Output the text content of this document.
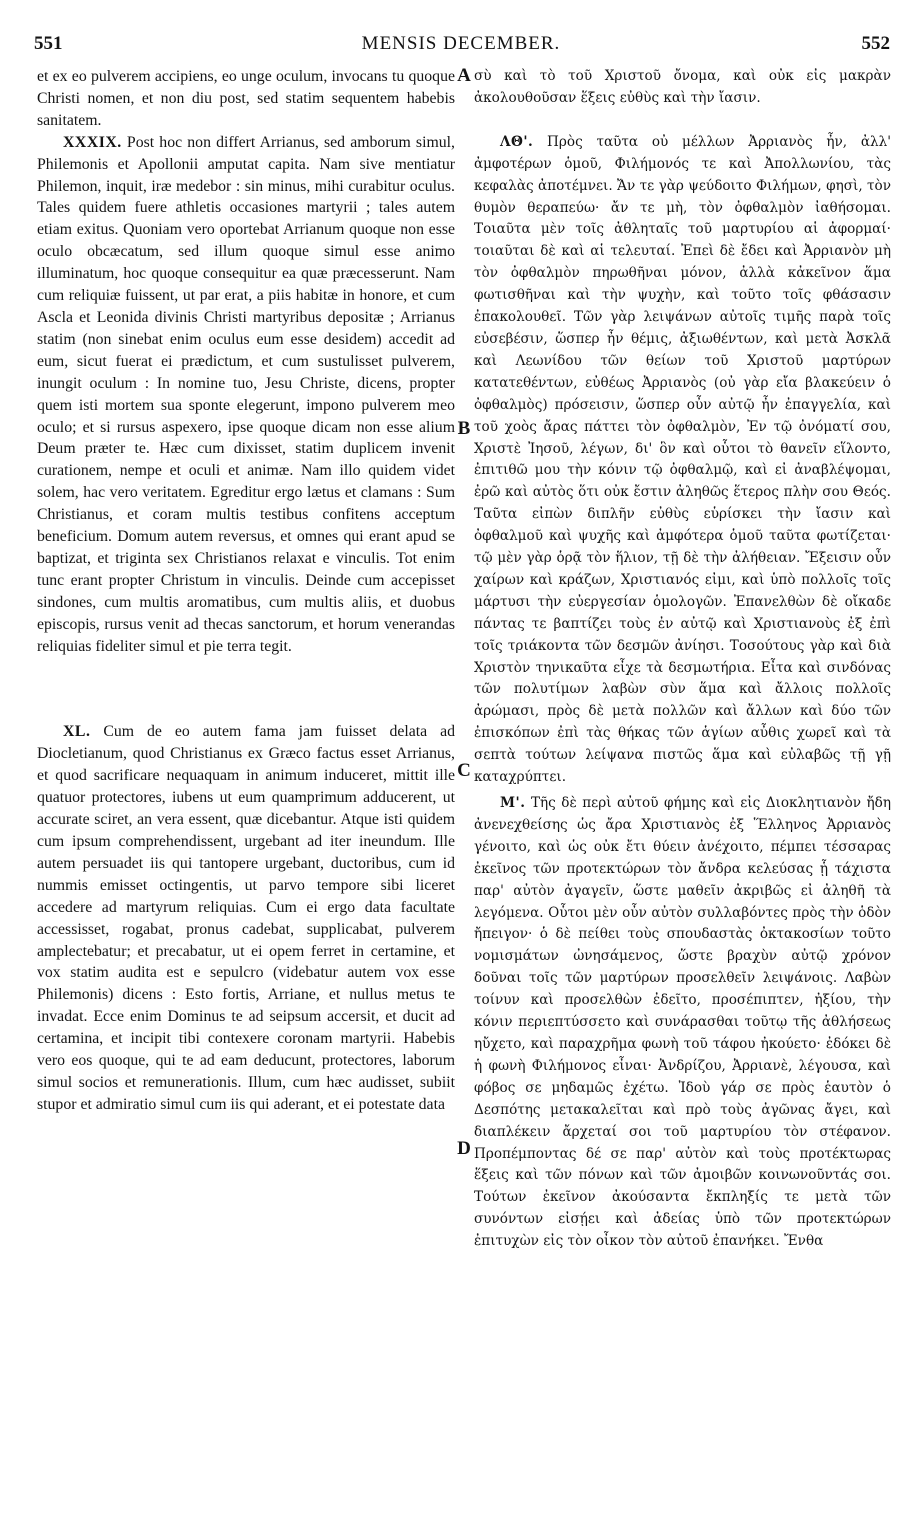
551	MENSIS DECEMBER.	552
A
B
C
D

et ex eo pulverem accipiens, eo unge oculum, invocans tu quoque Christi nomen, et non diu post, sed statim sequentem habebis sanitatem.

XXXIX. Post hoc non differt Arrianus, sed amborum simul, Philemonis et Apollonii amputat capita. Nam sive mentiatur Philemon, inquit, iræ medebor : sin minus, mihi curabitur oculus. Tales quidem fuere athletis occasiones martyrii ; tales autem etiam exitus. Quoniam vero oportebat Arrianum quoque non esse oculo obcæcatum, sed illum quoque simul esse animo illuminatum, hoc quoque consequitur ea quæ præcesserunt. Nam cum reliquiæ fuissent, ut par erat, a piis habitæ in honore, et cum Ascla et Leonida divinis Christi martyribus depositæ ; Arrianus statim (non sinebat enim oculus eum esse desidem) accedit ad eum, sicut fuerat ei prædictum, et cum sustulisset pulverem, inungit oculum : In nomine tuo, Jesu Christe, dicens, propter quem isti mortem sua sponte elegerunt, impono pulverem meo oculo; et si rursus aspexero, ipse quoque dicam non esse alium Deum præter te. Hæc cum dixisset, statim duplicem invenit curationem, nempe et oculi et animæ. Nam illo quidem videt solem, hac vero veritatem. Egreditur ergo lætus et clamans : Sum Christianus, et coram multis testibus confitens acceptum beneficium. Domum autem reversus, et omnes qui erant apud se baptizat, et triginta sex Christianos relaxat e vinculis. Tot enim tunc erant propter Christum in vinculis. Deinde cum accepisset sindones, cum multis aromatibus, cum multis aliis, et duobus episcopis, rursus venit ad thecas sanctorum, et horum venerandas reliquias fideliter simul et pie terra tegit.

XL. Cum de eo autem fama jam fuisset delata ad Diocletianum, quod Christianus ex Græco factus esset Arrianus, et quod sacrificare nequaquam in animum induceret, mittit ille quatuor protectores, iubens ut eum quamprimum adducerent, ut accurate sciret, an vera essent, quæ dicebantur. Atque isti quidem cum ipsum comprehendissent, urgebant ad iter ineundum. Ille autem persuadet iis qui tantopere urgebant, ductoribus, cum id nummis emisset octingentis, ut parvo tempore sibi liceret accedere ad martyrum reliquias. Cum ei ergo data facultate accessisset, rogabat, pronus cadebat, supplicabat, pulverem amplectebatur; et precabatur, ut ei opem ferret in certamine, et vox statim audita est e sepulcro (videbatur autem vox esse Philemonis) dicens : Esto fortis, Arriane, et nullus metus te invadat. Ecce enim Dominus te ad seipsum accersit, et ducit ad certamina, et incipit tibi contexere coronam martyrii. Habebis vero eos quoque, qui te ad eam deducunt, protectores, laborum simul socios et remunerationis. Illum, cum hæc audisset, subiit stupor et admiratio simul cum iis qui aderant, et ei potestate data

σὺ καὶ τὸ τοῦ Χριστοῦ ὄνομα, καὶ οὐκ εἰς μακρὰν ἀκολουθοῦσαν ἕξεις εὐθὺς καὶ τὴν ἴασιν.

ΛΘ'. Πρὸς ταῦτα οὐ μέλλων Ἀρριανὸς ἦν, ἀλλ' ἀμφοτέρων ὁμοῦ, Φιλήμονός τε καὶ Ἀπολλωνίου, τὰς κεφαλὰς ἀποτέμνει. Ἄν τε γὰρ ψεύδοιτο Φιλήμων, φησὶ, τὸν θυμὸν θεραπεύω· ἄν τε μὴ, τὸν ὀφθαλμὸν ἰαθήσομαι. Τοιαῦτα μὲν τοῖς ἀθληταῖς τοῦ μαρτυρίου αἱ ἀφορμαί· τοιαῦται δὲ καὶ αἱ τελευταί. Ἐπεὶ δὲ ἔδει καὶ Ἀρριανὸν μὴ τὸν ὀφθαλμὸν πηρωθῆναι μόνον, ἀλλὰ κἀκεῖνον ἅμα φωτισθῆναι καὶ τὴν ψυχὴν, καὶ τοῦτο τοῖς φθάσασιν ἐπακολουθεῖ. Τῶν γὰρ λειψάνων αὐτοῖς τιμῆς παρὰ τοῖς εὐσεβέσιν, ὥσπερ ἦν θέμις, ἀξιωθέντων, καὶ μετὰ Ἀσκλᾶ καὶ Λεωνίδου τῶν θείων τοῦ Χριστοῦ μαρτύρων κατατεθέντων, εὐθέως Ἀρριανὸς (οὐ γὰρ εἴα βλακεύειν ὁ ὀφθαλμὸς) πρόσεισιν, ὥσπερ οὖν αὐτῷ ἦν ἐπαγγελία, καὶ τοῦ χοὸς ἄρας πάττει τὸν ὀφθαλμὸν, Ἐν τῷ ὀνόματί σου, Χριστὲ Ἰησοῦ, λέγων, δι' ὃν καὶ οὗτοι τὸ θανεῖν εἵλοντο, ἐπιτιθῶ μου τὴν κόνιν τῷ ὀφθαλμῷ, καὶ εἰ ἀναβλέψομαι, ἐρῶ καὶ αὐτὸς ὅτι οὐκ ἔστιν ἀληθῶς ἕτερος πλὴν σου Θεός. Ταῦτα εἰπὼν διπλῆν εὐθὺς εὑρίσκει τὴν ἴασιν καὶ ὀφθαλμοῦ καὶ ψυχῆς καὶ ἀμφότερα ὁμοῦ ταῦτα φωτίζεται· τῷ μὲν γὰρ ὁρᾷ τὸν ἥλιον, τῇ δὲ τὴν ἀλήθειαν. Ἔξεισιν οὖν χαίρων καὶ κράζων, Χριστιανός εἰμι, καὶ ὑπὸ πολλοῖς τοῖς μάρτυσι τὴν εὐεργεσίαν ὁμολογῶν. Ἐπανελθὼν δὲ οἴκαδε πάντας τε βαπτίζει τοὺς ἐν αὐτῷ καὶ Χριστιανοὺς ἐξ ἐπὶ τοῖς τριάκοντα τῶν δεσμῶν ἀνίησι. Τοσούτους γὰρ καὶ διὰ Χριστὸν τηνικαῦτα εἶχε τὰ δεσμωτήρια. Εἶτα καὶ σινδόνας τῶν πολυτίμων λαβὼν σὺν ἅμα καὶ ἄλλοις πολλοῖς ἀρώμασι, πρὸς δὲ μετὰ πολλῶν καὶ ἄλλων καὶ δύο τῶν ἐπισκόπων ἐπὶ τὰς θήκας τῶν ἁγίων αὖθις χωρεῖ καὶ τὰ σεπτὰ τούτων λείψανα πιστῶς ἅμα καὶ εὐλαβῶς τῇ γῇ καταχρύπτει.

Μ'. Τῆς δὲ περὶ αὐτοῦ φήμης καὶ εἰς Διοκλητιανὸν ἤδη ἀνενεχθείσης ὡς ἄρα Χριστιανὸς ἐξ Ἕλληνος Ἀρριανὸς γένοιτο, καὶ ὡς οὐκ ἔτι θύειν ἀνέχοιτο, πέμπει τέσσαρας ἐκεῖνος τῶν προτεκτώρων τὸν ἄνδρα κελεύσας ᾗ τάχιστα παρ' αὐτὸν ἀγαγεῖν, ὥστε μαθεῖν ἀκριβῶς εἰ ἀληθῆ τὰ λεγόμενα. Οὗτοι μὲν οὖν αὐτὸν συλλαβόντες πρὸς τὴν ὁδὸν ἤπειγον· ὁ δὲ πείθει τοὺς σπουδαστὰς ὀκτακοσίων τοῦτο νομισμάτων ὠνησάμενος, ὥστε βραχὺν αὐτῷ χρόνον δοῦναι τοῖς τῶν μαρτύρων προσελθεῖν λειψάνοις. Λαβὼν τοίνυν καὶ προσελθὼν ἐδεῖτο, προσέπιπτεν, ἠξίου, τὴν κόνιν περιεπτύσσετο καὶ συνάρασθαι τοῦτῳ τῆς ἀθλήσεως ηὔχετο, καὶ παραχρῆμα φωνὴ τοῦ τάφου ἠκούετο· ἐδόκει δὲ ἡ φωνὴ Φιλήμονος εἶναι· Ἀνδρίζου, Ἀρριανὲ, λέγουσα, καὶ φόβος σε μηδαμῶς ἐχέτω. Ἰδοὺ γάρ σε πρὸς ἑαυτὸν ὁ Δεσπότης μετακαλεῖται καὶ πρὸ τοὺς ἀγῶνας ἄγει, καὶ διαπλέκειν ἄρχεταί σοι τοῦ μαρτυρίου τὸν στέφανον. Προπέμποντας δέ σε παρ' αὐτὸν καὶ τοὺς προτέκτωρας ἕξεις καὶ τῶν πόνων καὶ τῶν ἀμοιβῶν κοινωνοῦντάς σοι. Τούτων ἐκεῖνον ἀκούσαντα ἔκπληξίς τε μετὰ τῶν συνόντων εἰσῄει καὶ ἀδείας ὑπὸ τῶν προτεκτώρων ἐπιτυχὼν εἰς τὸν οἶκον τὸν αὐτοῦ ἐπανήκει. Ἔνθα
